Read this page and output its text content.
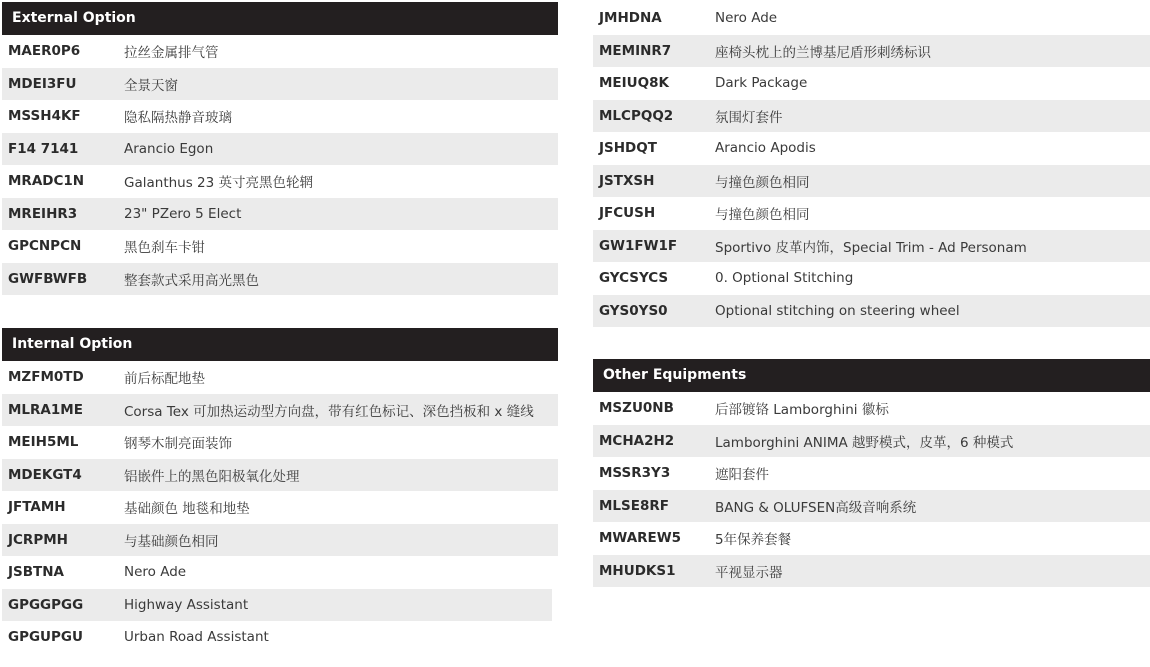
External Option
MAER0P6	拉丝金属排气管
MDEI3FU	全景天窗
MSSH4KF	隐私隔热静音玻璃
F14 7141	Arancio Egon
MRADC1N	Galanthus 23 英寸亮黑色轮辋
MREIHR3	23" PZero 5 Elect
GPCNPCN	黑色刹车卡钳
GWFBWFB	整套款式采用高光黑色
Internal Option
MZFM0TD	前后标配地垫
MLRA1ME	Corsa Tex 可加热运动型方向盘，带有红色标记、深色挡板和 x 缝线
MEIH5ML	钢琴木制亮面装饰
MDEKGT4	铝嵌件上的黑色阳极氧化处理
JFTAMH	基础颜色 地毯和地垫
JCRPMH	与基础颜色相同
JSBTNA	Nero Ade
GPGGPGG	Highway Assistant
GPGUPGU	Urban Road Assistant
JMHDNA	Nero Ade
MEMINR7	座椅头枕上的兰博基尼盾形刺绣标识
MEIUQ8K	Dark Package
MLCPQQ2	氛围灯套件
JSHDQT	Arancio Apodis
JSTXSH	与撞色颜色相同
JFCUSH	与撞色颜色相同
GW1FW1F	Sportivo 皮革内饰，Special Trim - Ad Personam
GYCSYCS	0. Optional Stitching
GYS0YS0	Optional stitching on steering wheel
Other Equipments
MSZU0NB	后部镀铬 Lamborghini 徽标
MCHA2H2	Lamborghini ANIMA 越野模式，皮革，6 种模式
MSSR3Y3	遮阳套件
MLSE8RF	BANG & OLUFSEN高级音响系统
MWAREW5	5年保养套餐
MHUDKS1	平视显示器
